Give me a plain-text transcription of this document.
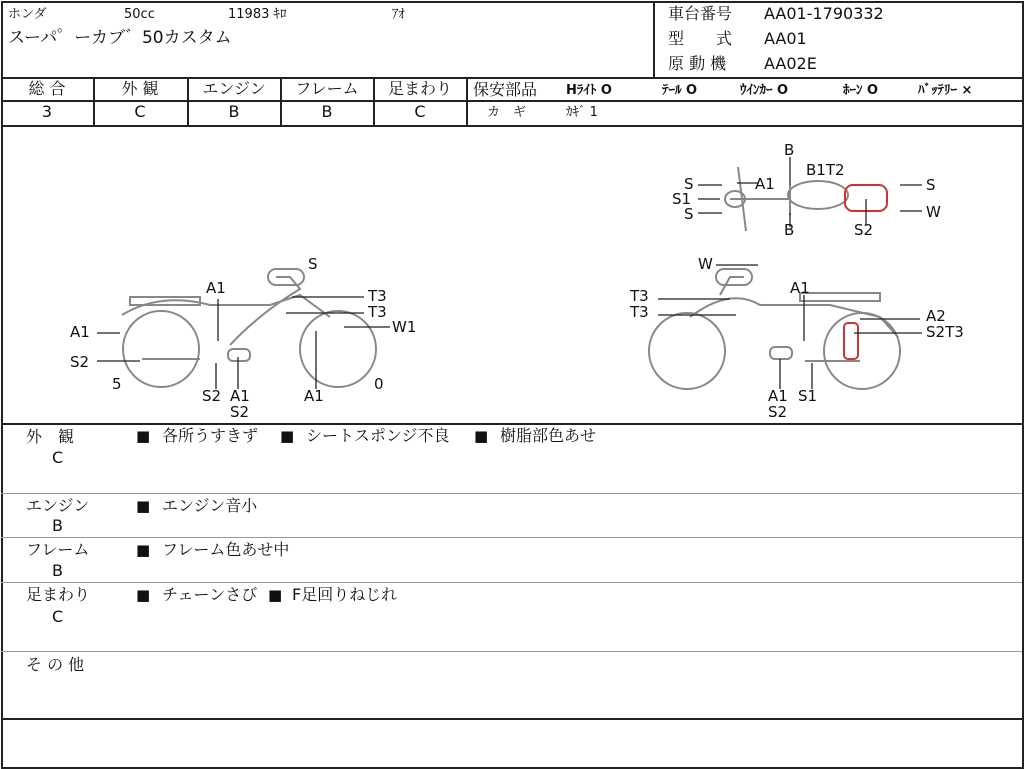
ホンダ	50cc	11983 ｷﾛ	ｱｵ
スーパ゜ーカブ゛50カスタム
車台番号 AA01-1790332
型　　式 AA01
原 動 機 AA02E
総 合	外 観	エンジン フレーム 足まわり
3	C	B	B	C
保安部品 Hﾗｲﾄ O	ﾃｰﾙ O	ｳｲﾝｶｰ O	ﾎｰﾝ O	ﾊﾞｯﾃﾘｰ ×
カ　ギ	ｶｷﾞ 1
B
B1T2
S	A1
S1
S
S
W
B	S2
S
A1	T3
T3
W1
A1
S2
5
S2 A1
S2
A1
0
W
T3
T3
A1
A2
S2T3
A1 S1
S2
外　観
C
■ 各所うすきず ■ シートスポンジ不良 ■ 樹脂部色あせ
エンジン
B
■ エンジン音小
フレーム
B
■ フレーム色あせ中
足まわり
C
■ チェーンさび ■ F足回りねじれ
そ の 他
